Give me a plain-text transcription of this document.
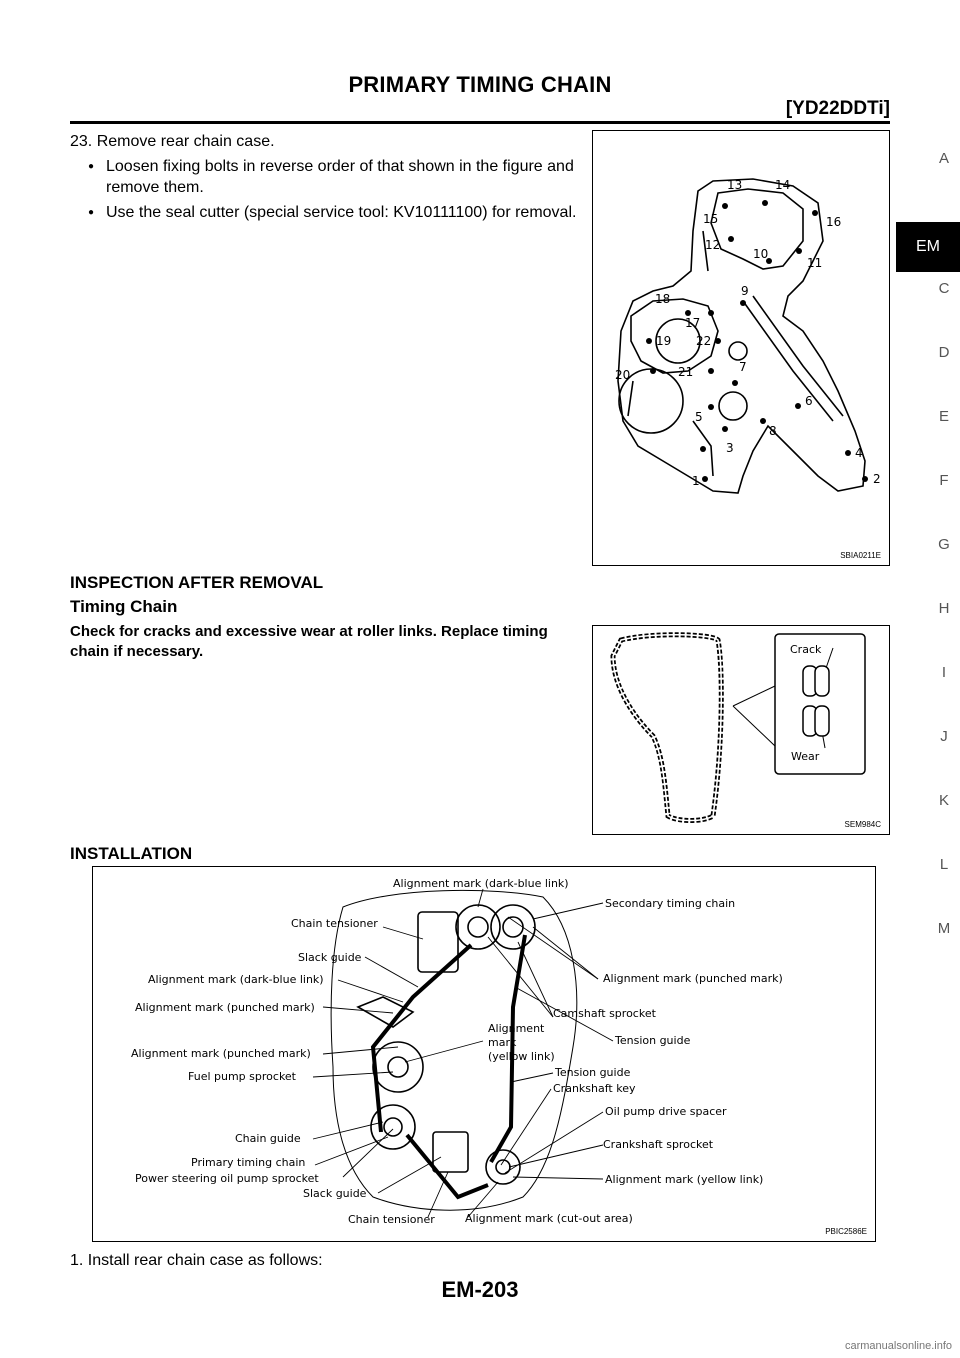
PRIMARY TIMING CHAIN
[YD22DDTi]
A
EM
C
D
E
F
G
H
I
J
K
L
M
23. Remove rear chain case.
● Loosen fixing bolts in reverse order of that shown in the figure and remove them.
● Use the seal cutter (special service tool: KV10111100) for removal.
1	2
3	4
5
6
7
8
9
10
11
12
13	14
15	16
17
18
19
20	21
22
SBIA0211E
INSPECTION AFTER REMOVAL
Timing Chain
Check for cracks and excessive wear at roller links. Replace timing chain if necessary.	Crack
Wear
SEM984C
INSTALLATION
Alignment mark (dark-blue link)
Secondary timing chain
Chain tensioner
Slack guide
Alignment mark (punched mark)
Alignment mark (dark-blue link)
Alignment mark (punched mark)	Camshaft sprocket
Alignment
mark
(yellow link)
Tension guide
Alignment mark (punched mark)
Fuel pump sprocket	Tension guide
Crankshaft key
Oil pump drive spacer
Chain guide	Crankshaft sprocket
Primary timing chain
Power steering oil pump sprocket	Alignment mark (yellow link)
Slack guide
Chain tensioner	Alignment mark (cut-out area)
PBIC2586E
1. Install rear chain case as follows:
EM-203
carmanualsonline.info
